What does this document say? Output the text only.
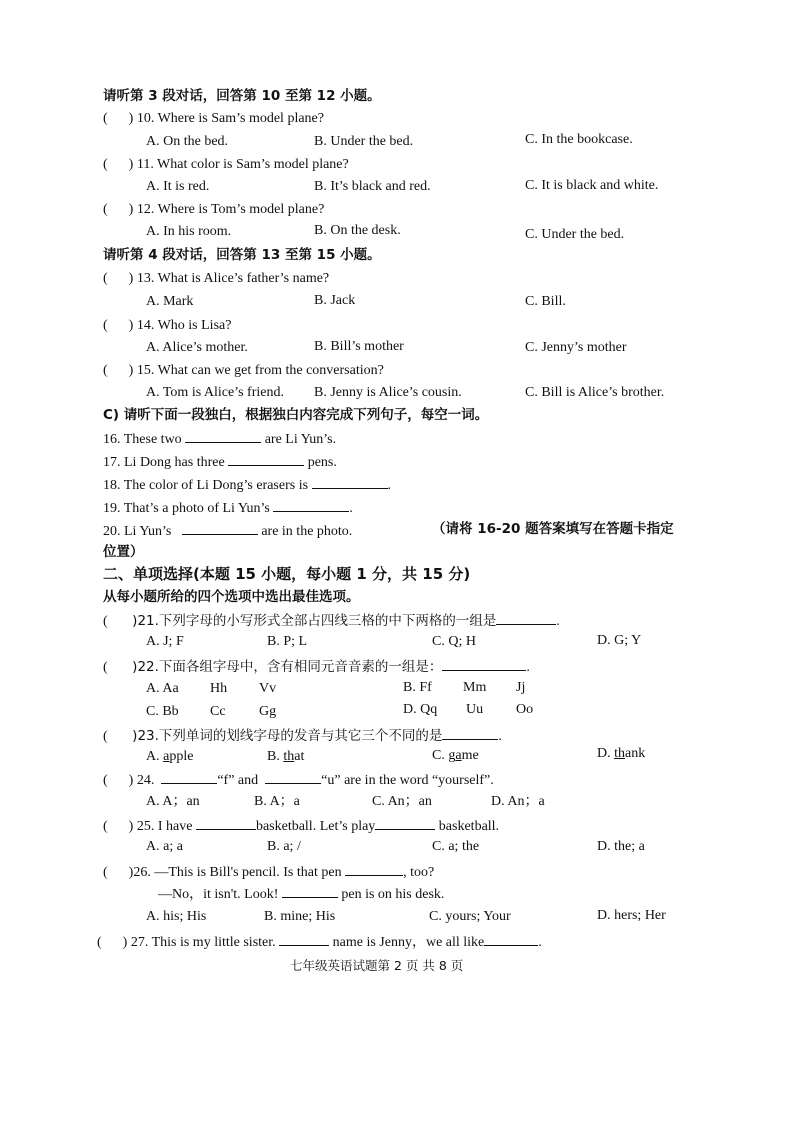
请听第 3 段对话，回答第 10 至第 12 小题。
(      ) 10. Where is Sam’s model plane?
A. On the bed.	B. Under the bed.	C. In the bookcase.
(      ) 11. What color is Sam’s model plane?
A. It is red.	B. It’s black and red.	C. It is black and white.
(      ) 12. Where is Tom’s model plane?
A. In his room.	B. On the desk.	C. Under the bed.
请听第 4 段对话，回答第 13 至第 15 小题。
(      ) 13. What is Alice’s father’s name?
A. Mark	B. Jack	C. Bill.
(      ) 14. Who is Lisa?
A. Alice’s mother.	B. Bill’s mother	C. Jenny’s mother
(      ) 15. What can we get from the conversation?
A. Tom is Alice’s friend. B. Jenny is Alice’s cousin.	C. Bill is Alice’s brother.
C) 请听下面一段独白，根据独白内容完成下列句子，每空一词。
16. These two	are Li Yun’s.
17. Li Dong has three	pens.
18. The color of Li Dong’s erasers is	.
19. That’s a photo of Li Yun’s	.
20. Li Yun’s	are in the photo.	（请将 16-20 题答案填写在答题卡指定
位置）
二、单项选择(本题 15 小题，每小题 1 分，共 15 分)
从每小题所给的四个选项中选出最佳选项。
(       )21.下列字母的小写形式全部占四线三格的中下两格的一组是	.
A. J; F	B. P; L	C. Q; H	D. G; Y
(       )22.下面各组字母中，含有相同元音音素的一组是：	.
A. Aa Hh Vv	B. Ff Mm Jj
C. Bb Cc Gg	D. Qq Uu Oo
(       )23.下列单词的划线字母的发音与其它三个不同的是	.
A. apple	B. that	C. game	D. thank
(      ) 24.	“f” and	“u” are in the word “yourself”.
A. A；an	B. A；a	C. An；an	D. An；a
(      ) 25. I have	basketball. Let’s play	basketball.
A. a; a	B. a; /	C. a; the	D. the; a
(      )26. —This is Bill's pencil. Is that pen	, too?
—No，it isn't. Look!	pen is on his desk.
A. his; His	B. mine; His	C. yours; Your	D. hers; Her
(      ) 27. This is my little sister.	name is Jenny，we all like	.
七年级英语试题第 2 页 共 8 页
